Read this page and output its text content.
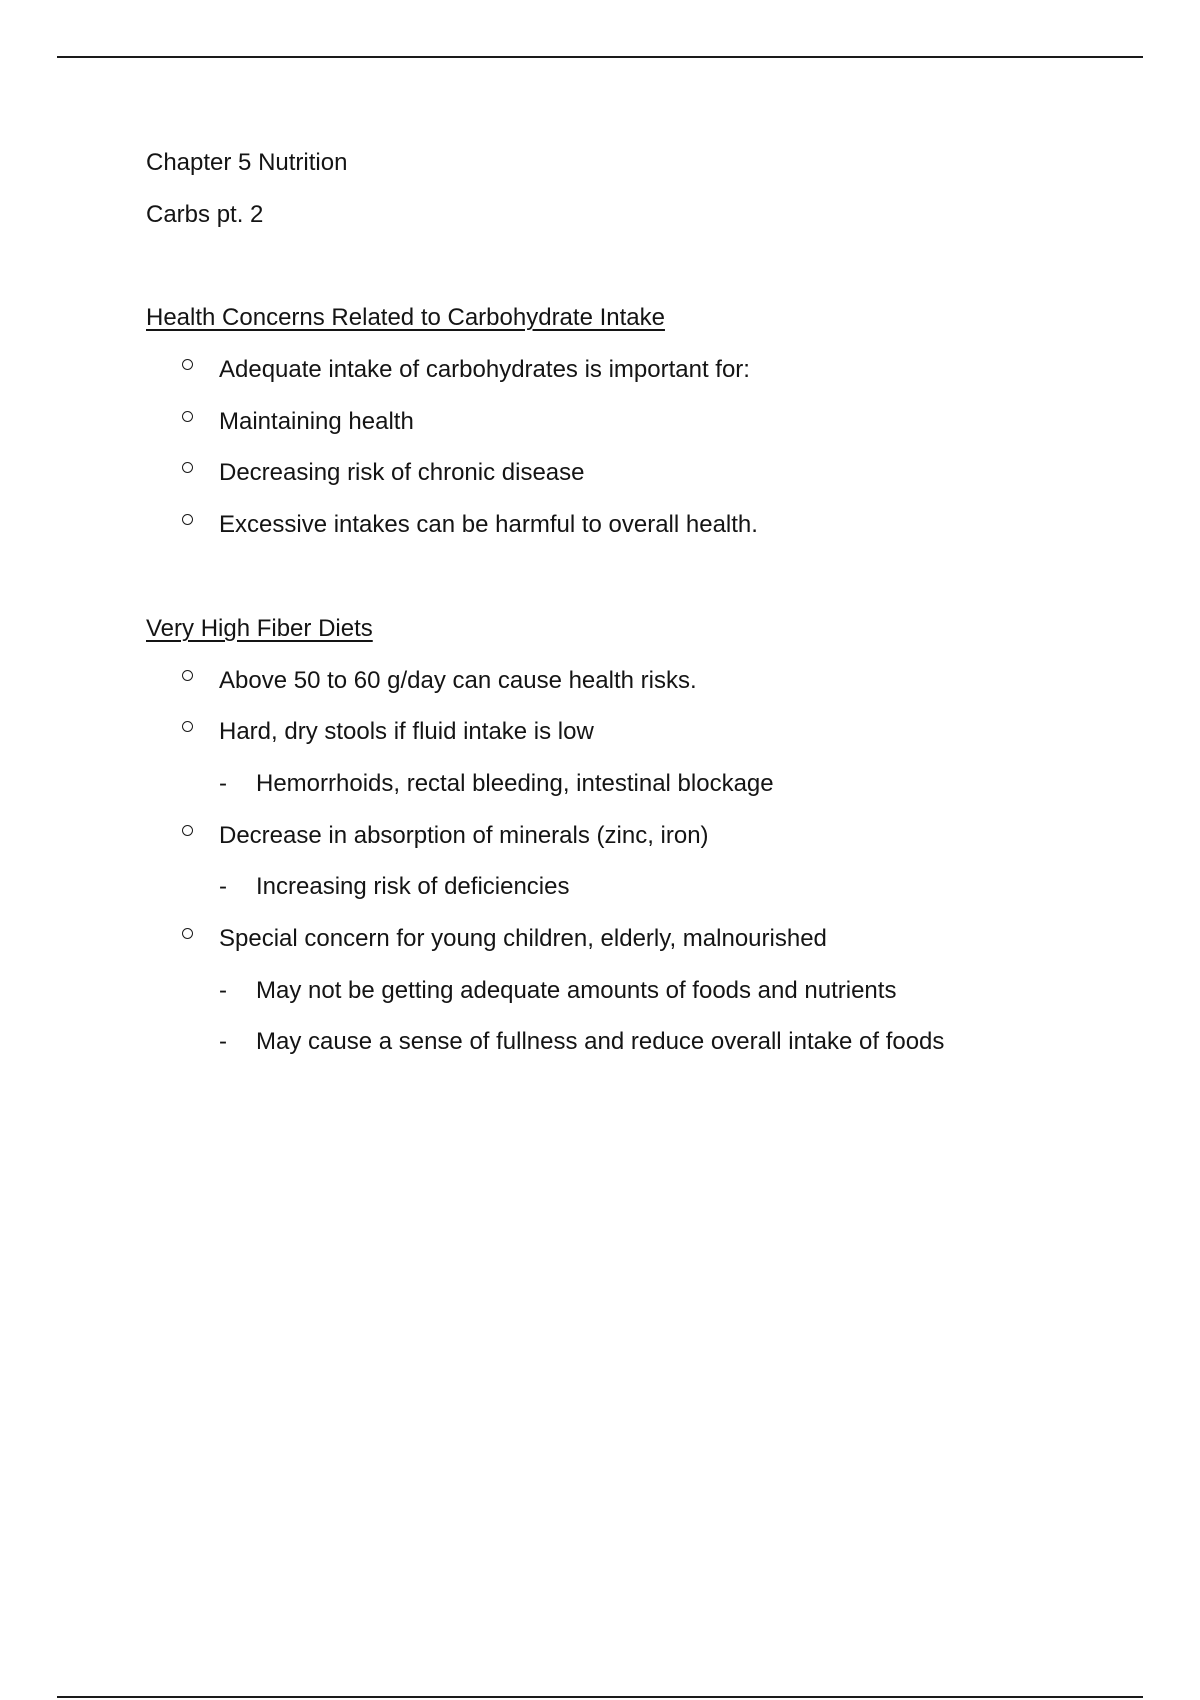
Chapter 5 Nutrition
Carbs pt. 2
Health Concerns Related to Carbohydrate Intake
Adequate intake of carbohydrates is important for:
Maintaining health
Decreasing risk of chronic disease
Excessive intakes can be harmful to overall health.
Very High Fiber Diets
Above 50 to 60 g/day can cause health risks.
Hard, dry stools if fluid intake is low
- Hemorrhoids, rectal bleeding, intestinal blockage
Decrease in absorption of minerals (zinc, iron)
- Increasing risk of deficiencies
Special concern for young children, elderly, malnourished
- May not be getting adequate amounts of foods and nutrients
- May cause a sense of fullness and reduce overall intake of foods
